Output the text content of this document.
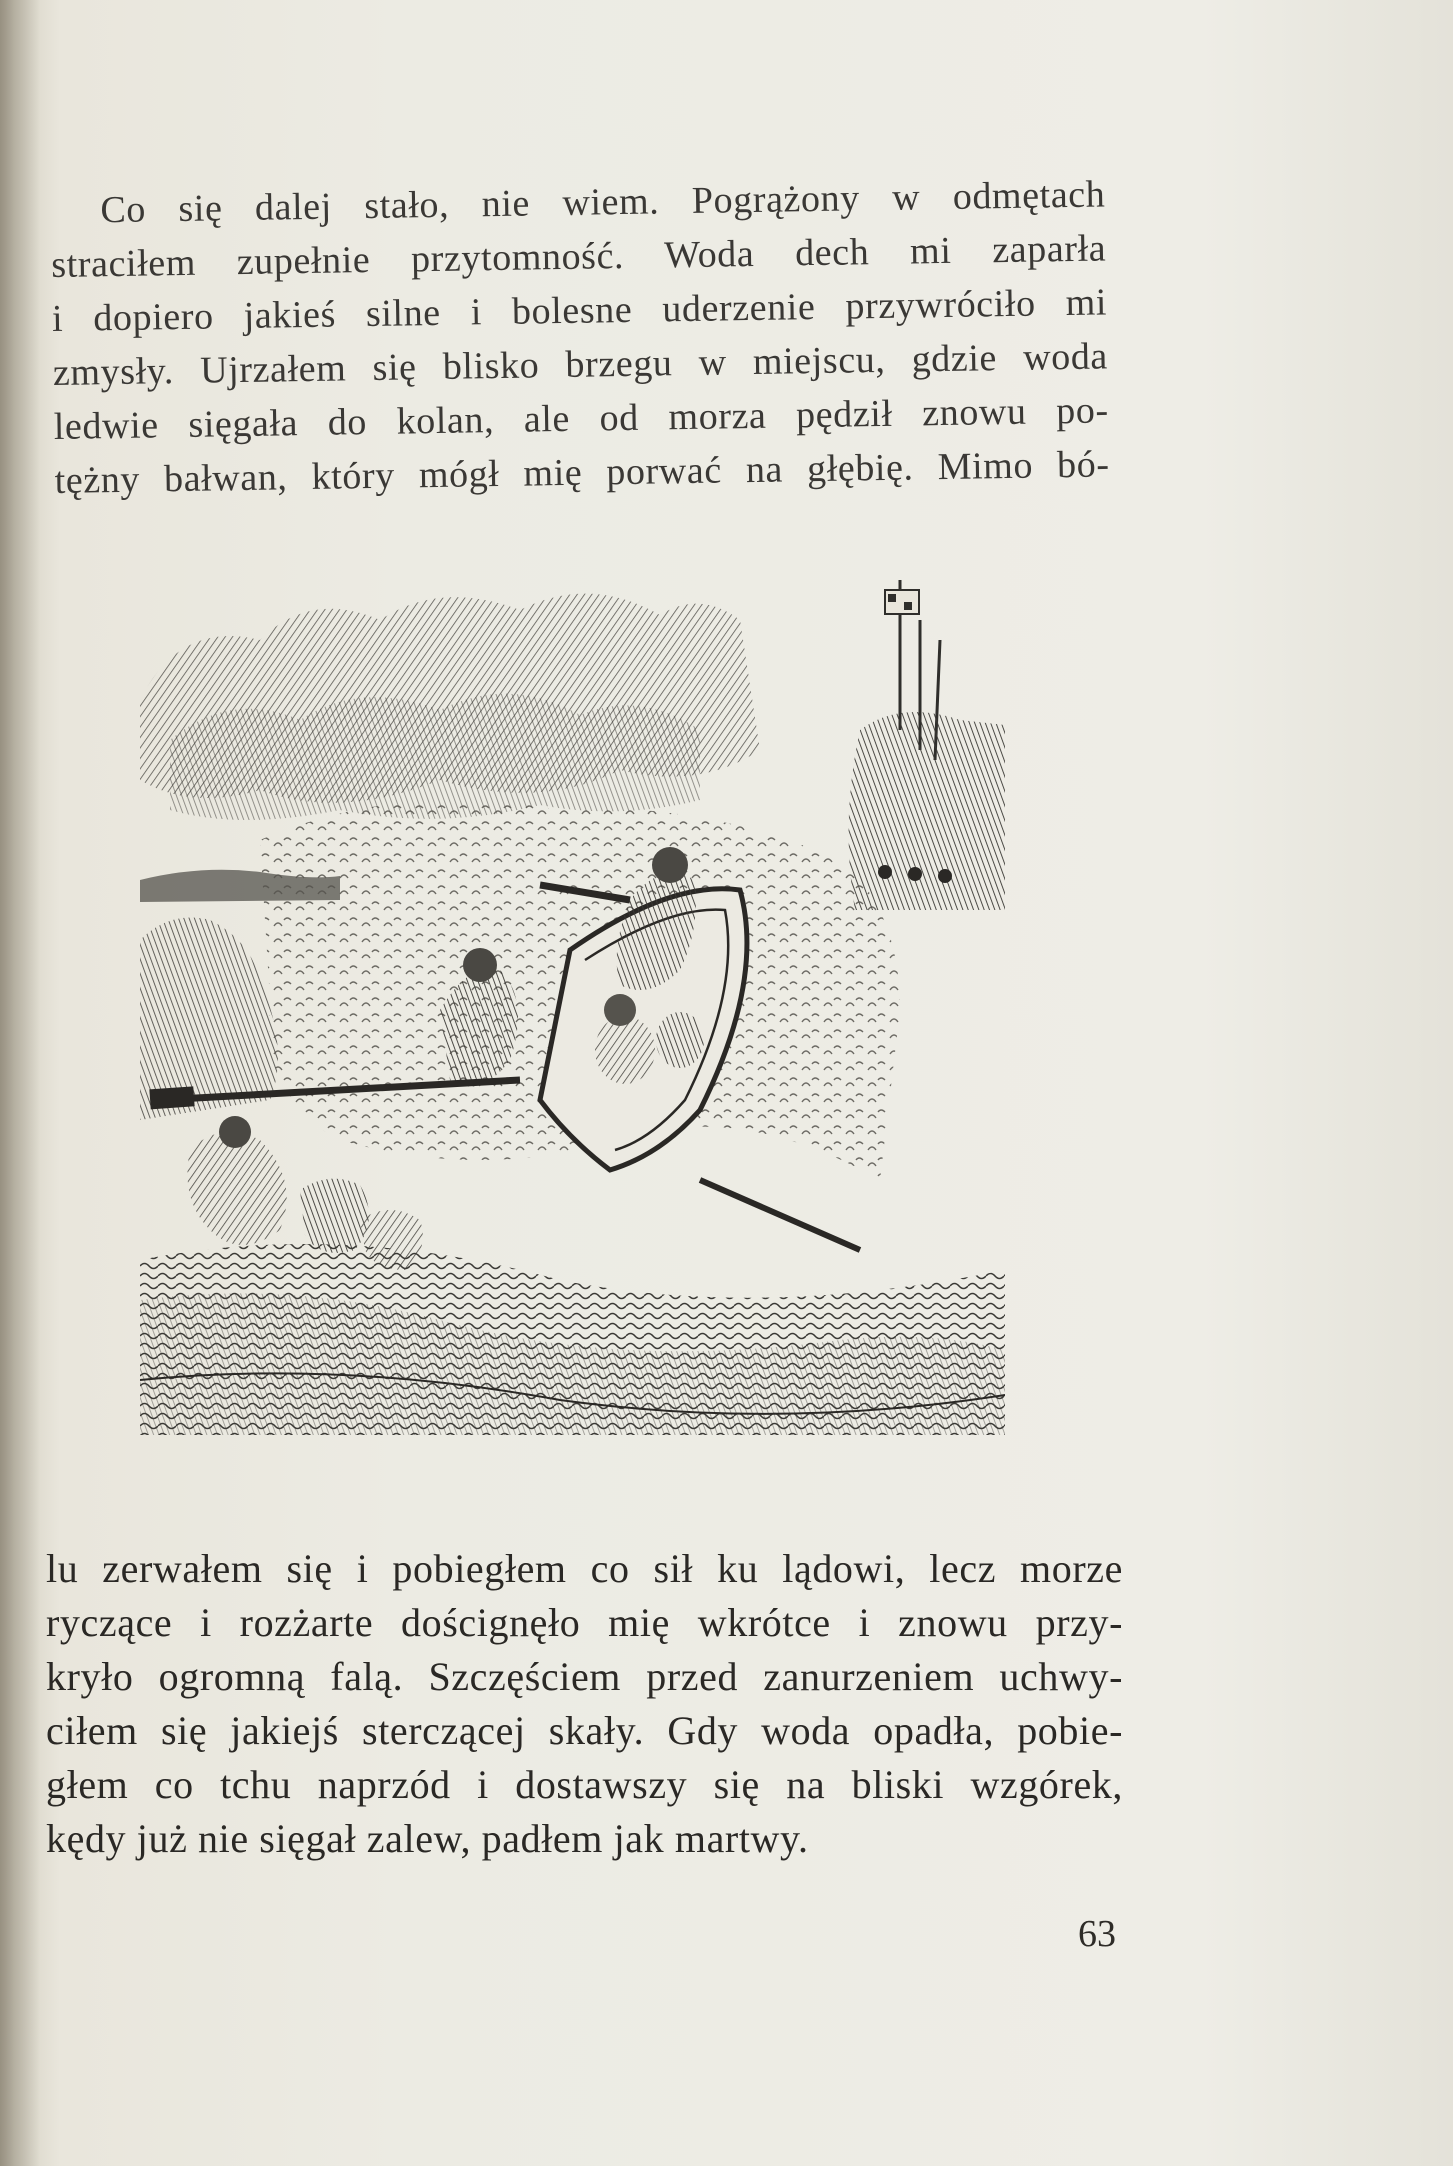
Co się dalej stało, nie wiem. Pogrążony w odmętach
straciłem zupełnie przytomność. Woda dech mi zaparła
i dopiero jakieś silne i bolesne uderzenie przywróciło mi
zmysły. Ujrzałem się blisko brzegu w miejscu, gdzie woda
ledwie sięgała do kolan, ale od morza pędził znowu po-
tężny bałwan, który mógł mię porwać na głębię. Mimo bó-
lu zerwałem się i pobiegłem co sił ku lądowi, lecz morze
ryczące i rozżarte doścignęło mię wkrótce i znowu przy-
kryło ogromną falą. Szczęściem przed zanurzeniem uchwy-
ciłem się jakiejś sterczącej skały. Gdy woda opadła, pobie-
głem co tchu naprzód i dostawszy się na bliski wzgórek,
kędy już nie sięgał zalew, padłem jak martwy.
63
